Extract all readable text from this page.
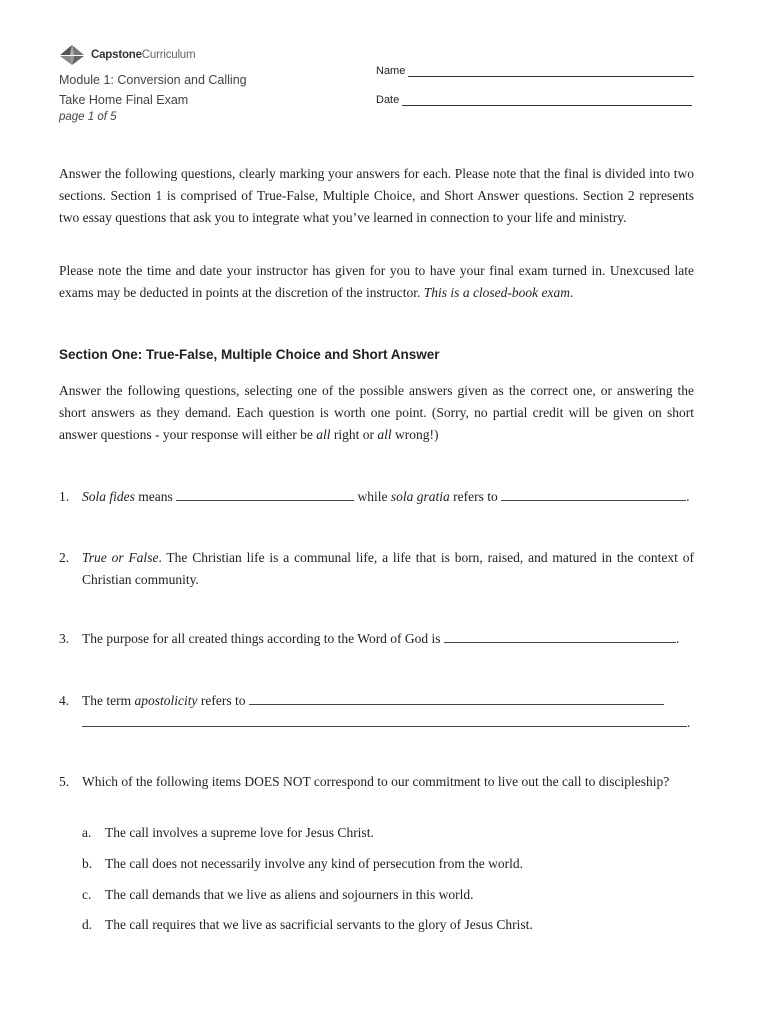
CapstoneCurriculum
Module 1: Conversion and Calling
Take Home Final Exam
page 1 of 5
Name
Date

Answer the following questions, clearly marking your answers for each. Please note that the final is divided into two sections. Section 1 is comprised of True-False, Multiple Choice, and Short Answer questions. Section 2 represents two essay questions that ask you to integrate what you’ve learned in connection to your life and ministry.

Please note the time and date your instructor has given for you to have your final exam turned in. Unexcused late exams may be deducted in points at the discretion of the instructor. This is a closed-book exam.

Section One: True-False, Multiple Choice and Short Answer

Answer the following questions, selecting one of the possible answers given as the correct one, or answering the short answers as they demand. Each question is worth one point. (Sorry, no partial credit will be given on short answer questions - your response will either be all right or all wrong!)

1. Sola fides means	while sola gratia refers to	.
2. True or False. The Christian life is a communal life, a life that is born, raised, and matured in the context of Christian community.
3. The purpose for all created things according to the Word of God is	.
4. The term apostolicity refers to
.
5. Which of the following items DOES NOT correspond to our commitment to live out the call to discipleship?
a. The call involves a supreme love for Jesus Christ.
b. The call does not necessarily involve any kind of persecution from the world.
c. The call demands that we live as aliens and sojourners in this world.
d. The call requires that we live as sacrificial servants to the glory of Jesus Christ.
